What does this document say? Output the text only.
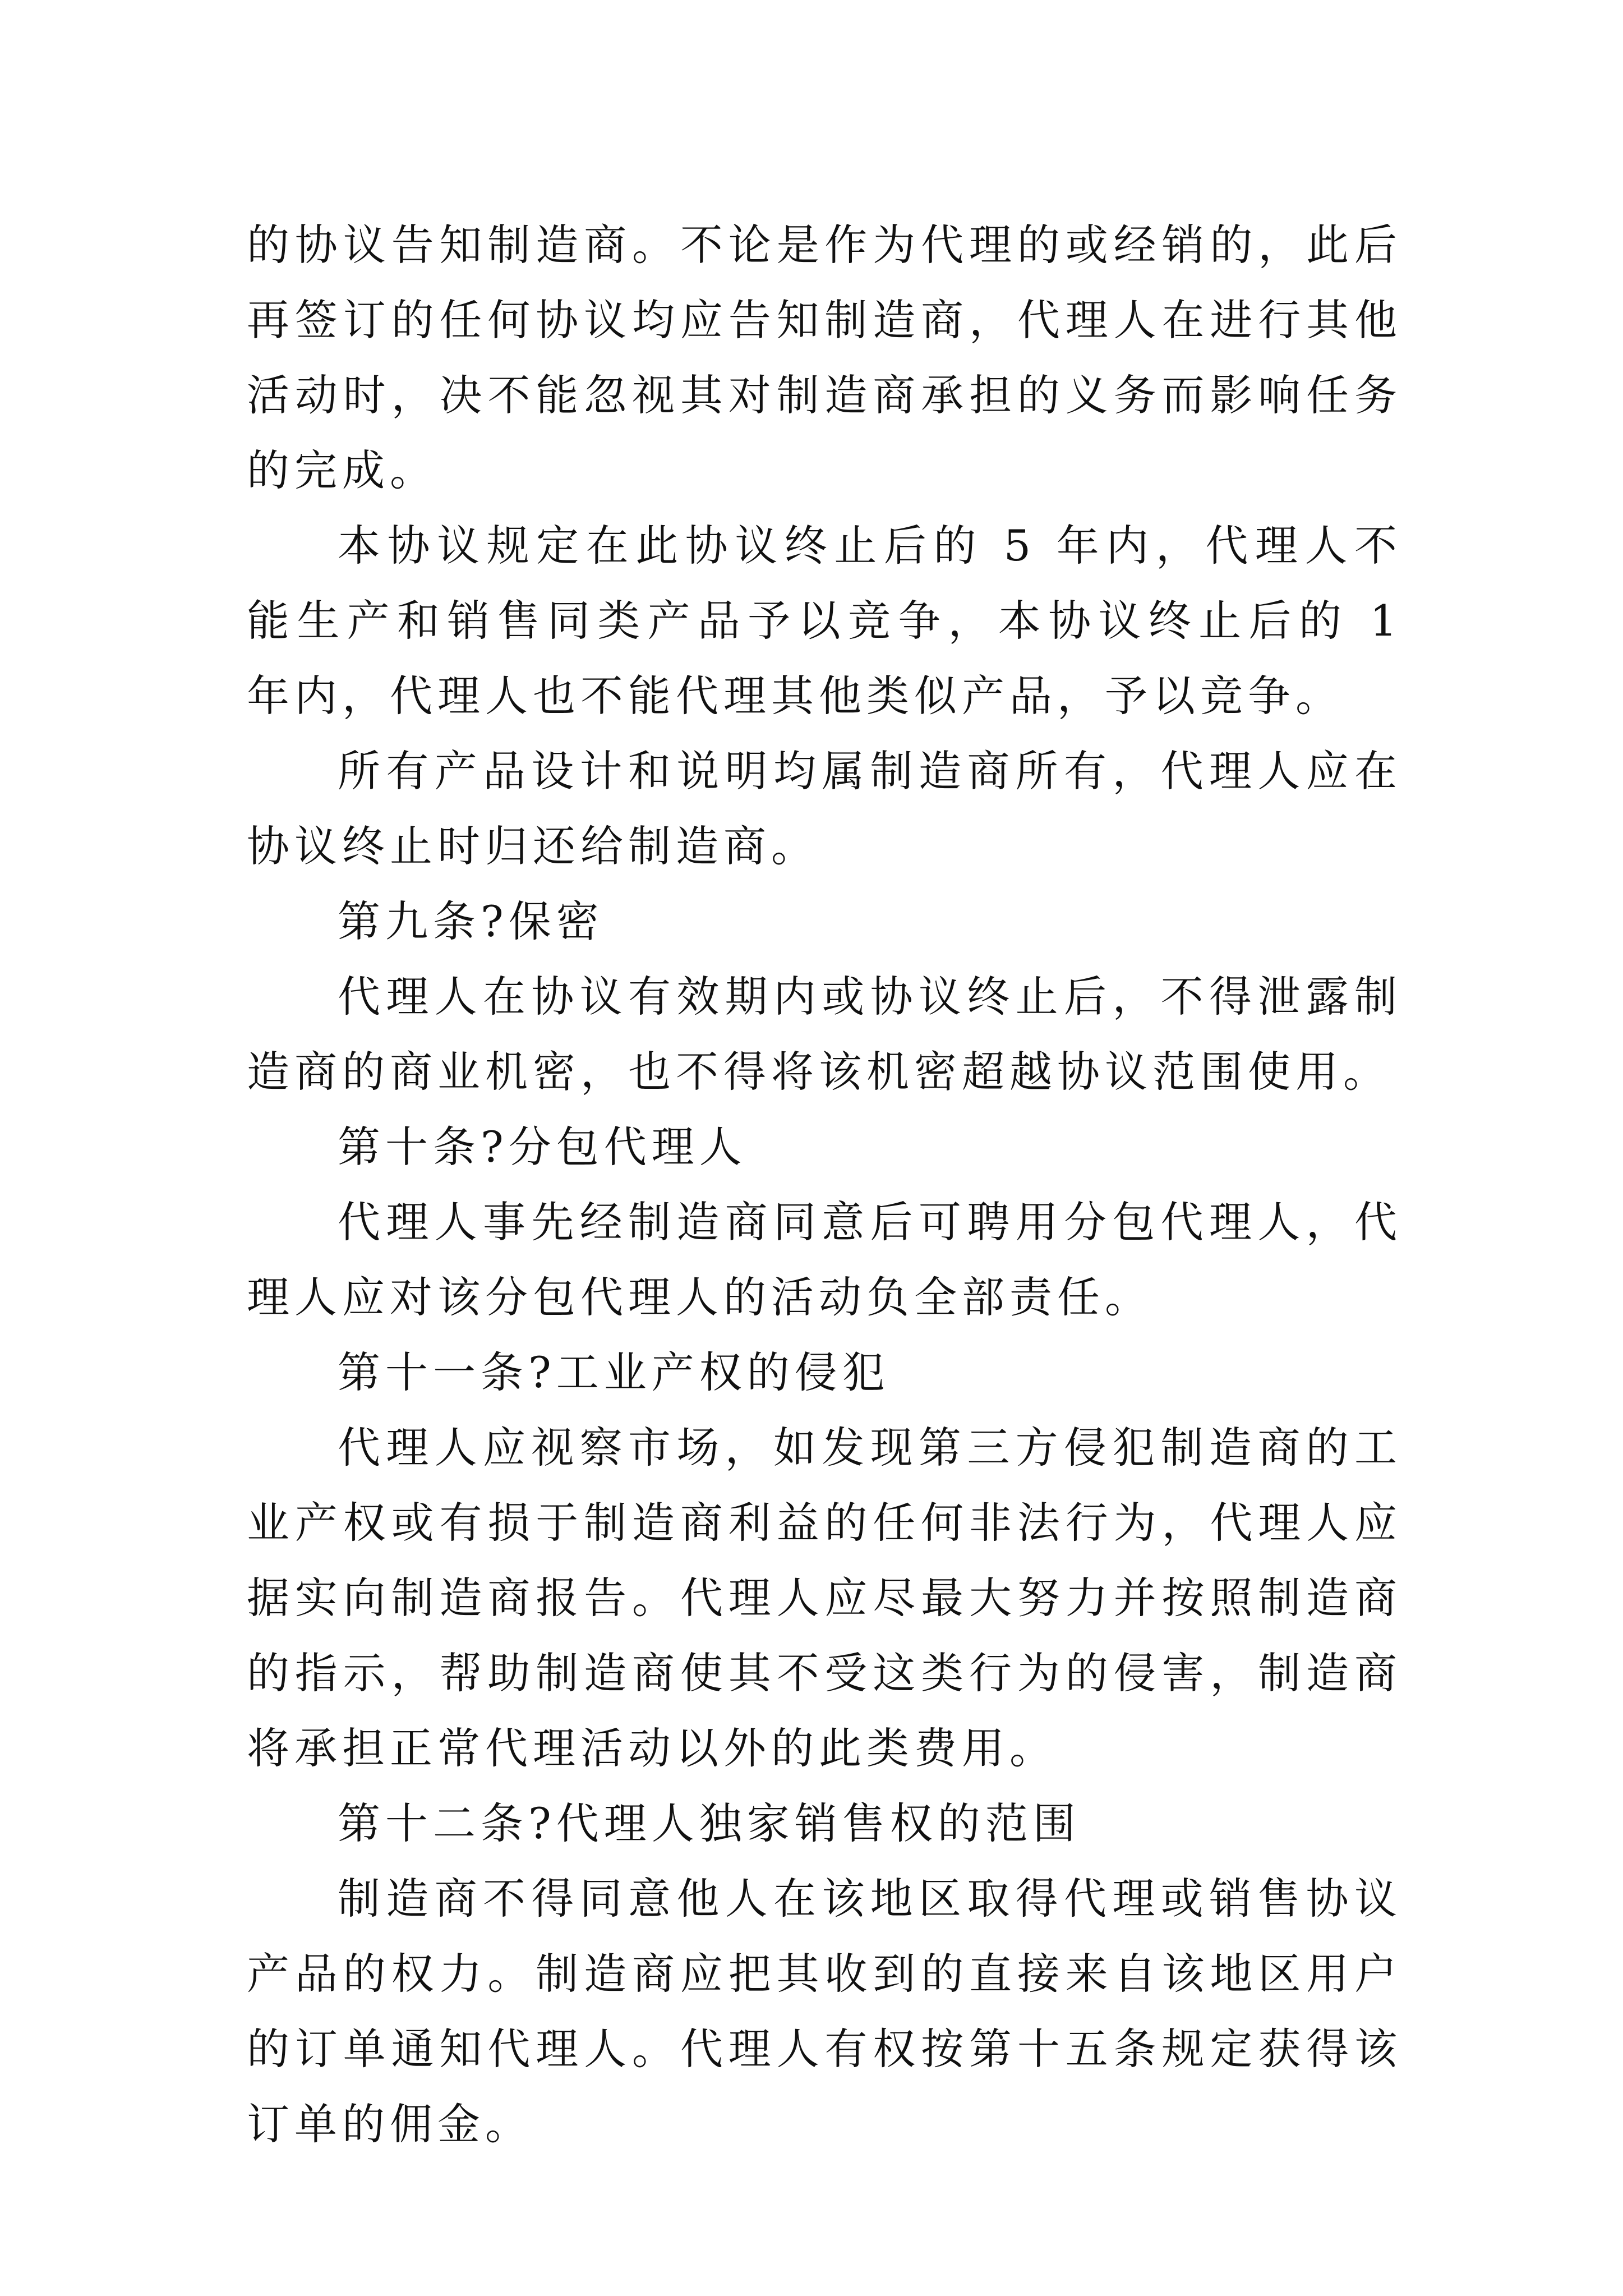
的协议告知制造商。不论是作为代理的或经销的，此后再签订的任何协议均应告知制造商，代理人在进行其他活动时，决不能忽视其对制造商承担的义务而影响任务的完成。

本协议规定在此协议终止后的 5 年内，代理人不能生产和销售同类产品予以竞争，本协议终止后的 1 年内，代理人也不能代理其他类似产品，予以竞争。

所有产品设计和说明均属制造商所有，代理人应在协议终止时归还给制造商。

第九条?保密

代理人在协议有效期内或协议终止后，不得泄露制造商的商业机密，也不得将该机密超越协议范围使用。

第十条?分包代理人

代理人事先经制造商同意后可聘用分包代理人，代理人应对该分包代理人的活动负全部责任。

第十一条?工业产权的侵犯

代理人应视察市场，如发现第三方侵犯制造商的工业产权或有损于制造商利益的任何非法行为，代理人应据实向制造商报告。代理人应尽最大努力并按照制造商的指示，帮助制造商使其不受这类行为的侵害，制造商将承担正常代理活动以外的此类费用。

第十二条?代理人独家销售权的范围

制造商不得同意他人在该地区取得代理或销售协议产品的权力。制造商应把其收到的直接来自该地区用户的订单通知代理人。代理人有权按第十五条规定获得该订单的佣金。
